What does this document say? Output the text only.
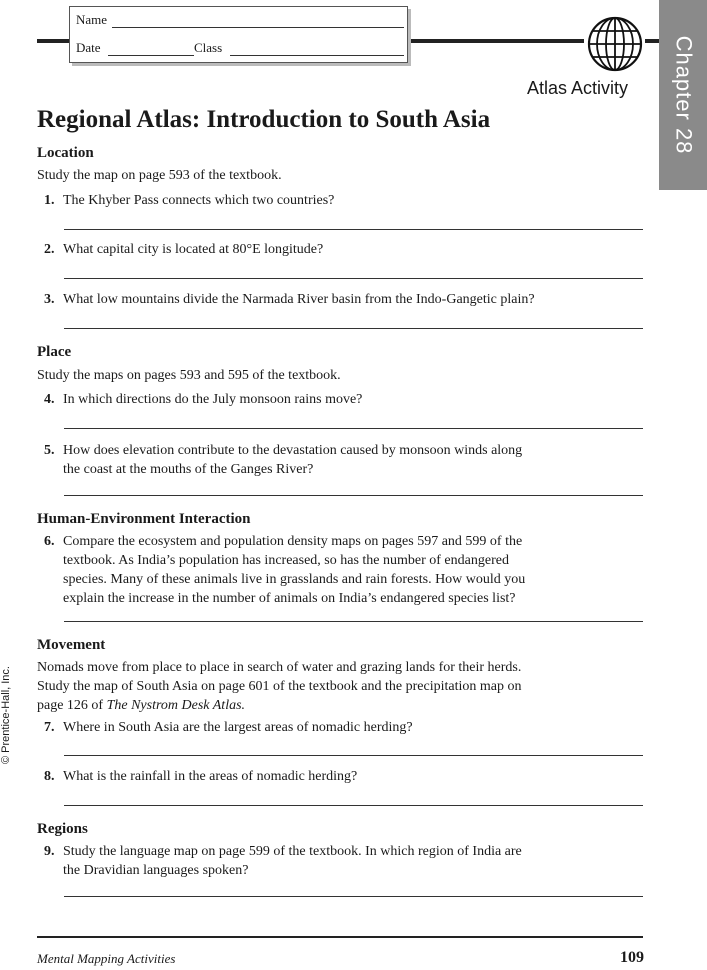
Name
Date	Class	Chapter 28
Atlas Activity
Regional Atlas: Introduction to South Asia
Location
Study the map on page 593 of the textbook.
1. The Khyber Pass connects which two countries?
2. What capital city is located at 80°E longitude?
3. What low mountains divide the Narmada River basin from the Indo-Gangetic plain?
Place
Study the maps on pages 593 and 595 of the textbook.
4. In which directions do the July monsoon rains move?
5. How does elevation contribute to the devastation caused by monsoon winds along
the coast at the mouths of the Ganges River?
Human-Environment Interaction
6. Compare the ecosystem and population density maps on pages 597 and 599 of the
textbook. As India’s population has increased, so has the number of endangered
species. Many of these animals live in grasslands and rain forests. How would you
explain the increase in the number of animals on India’s endangered species list?
Movement
Nomads move from place to place in search of water and grazing lands for their herds.
Study the map of South Asia on page 601 of the textbook and the precipitation map on
page 126 of The Nystrom Desk Atlas.
7. Where in South Asia are the largest areas of nomadic herding?
8. What is the rainfall in the areas of nomadic herding?
Regions
9. Study the language map on page 599 of the textbook. In which region of India are
the Dravidian languages spoken?
© Prentice-Hall, Inc.
Mental Mapping Activities	109
